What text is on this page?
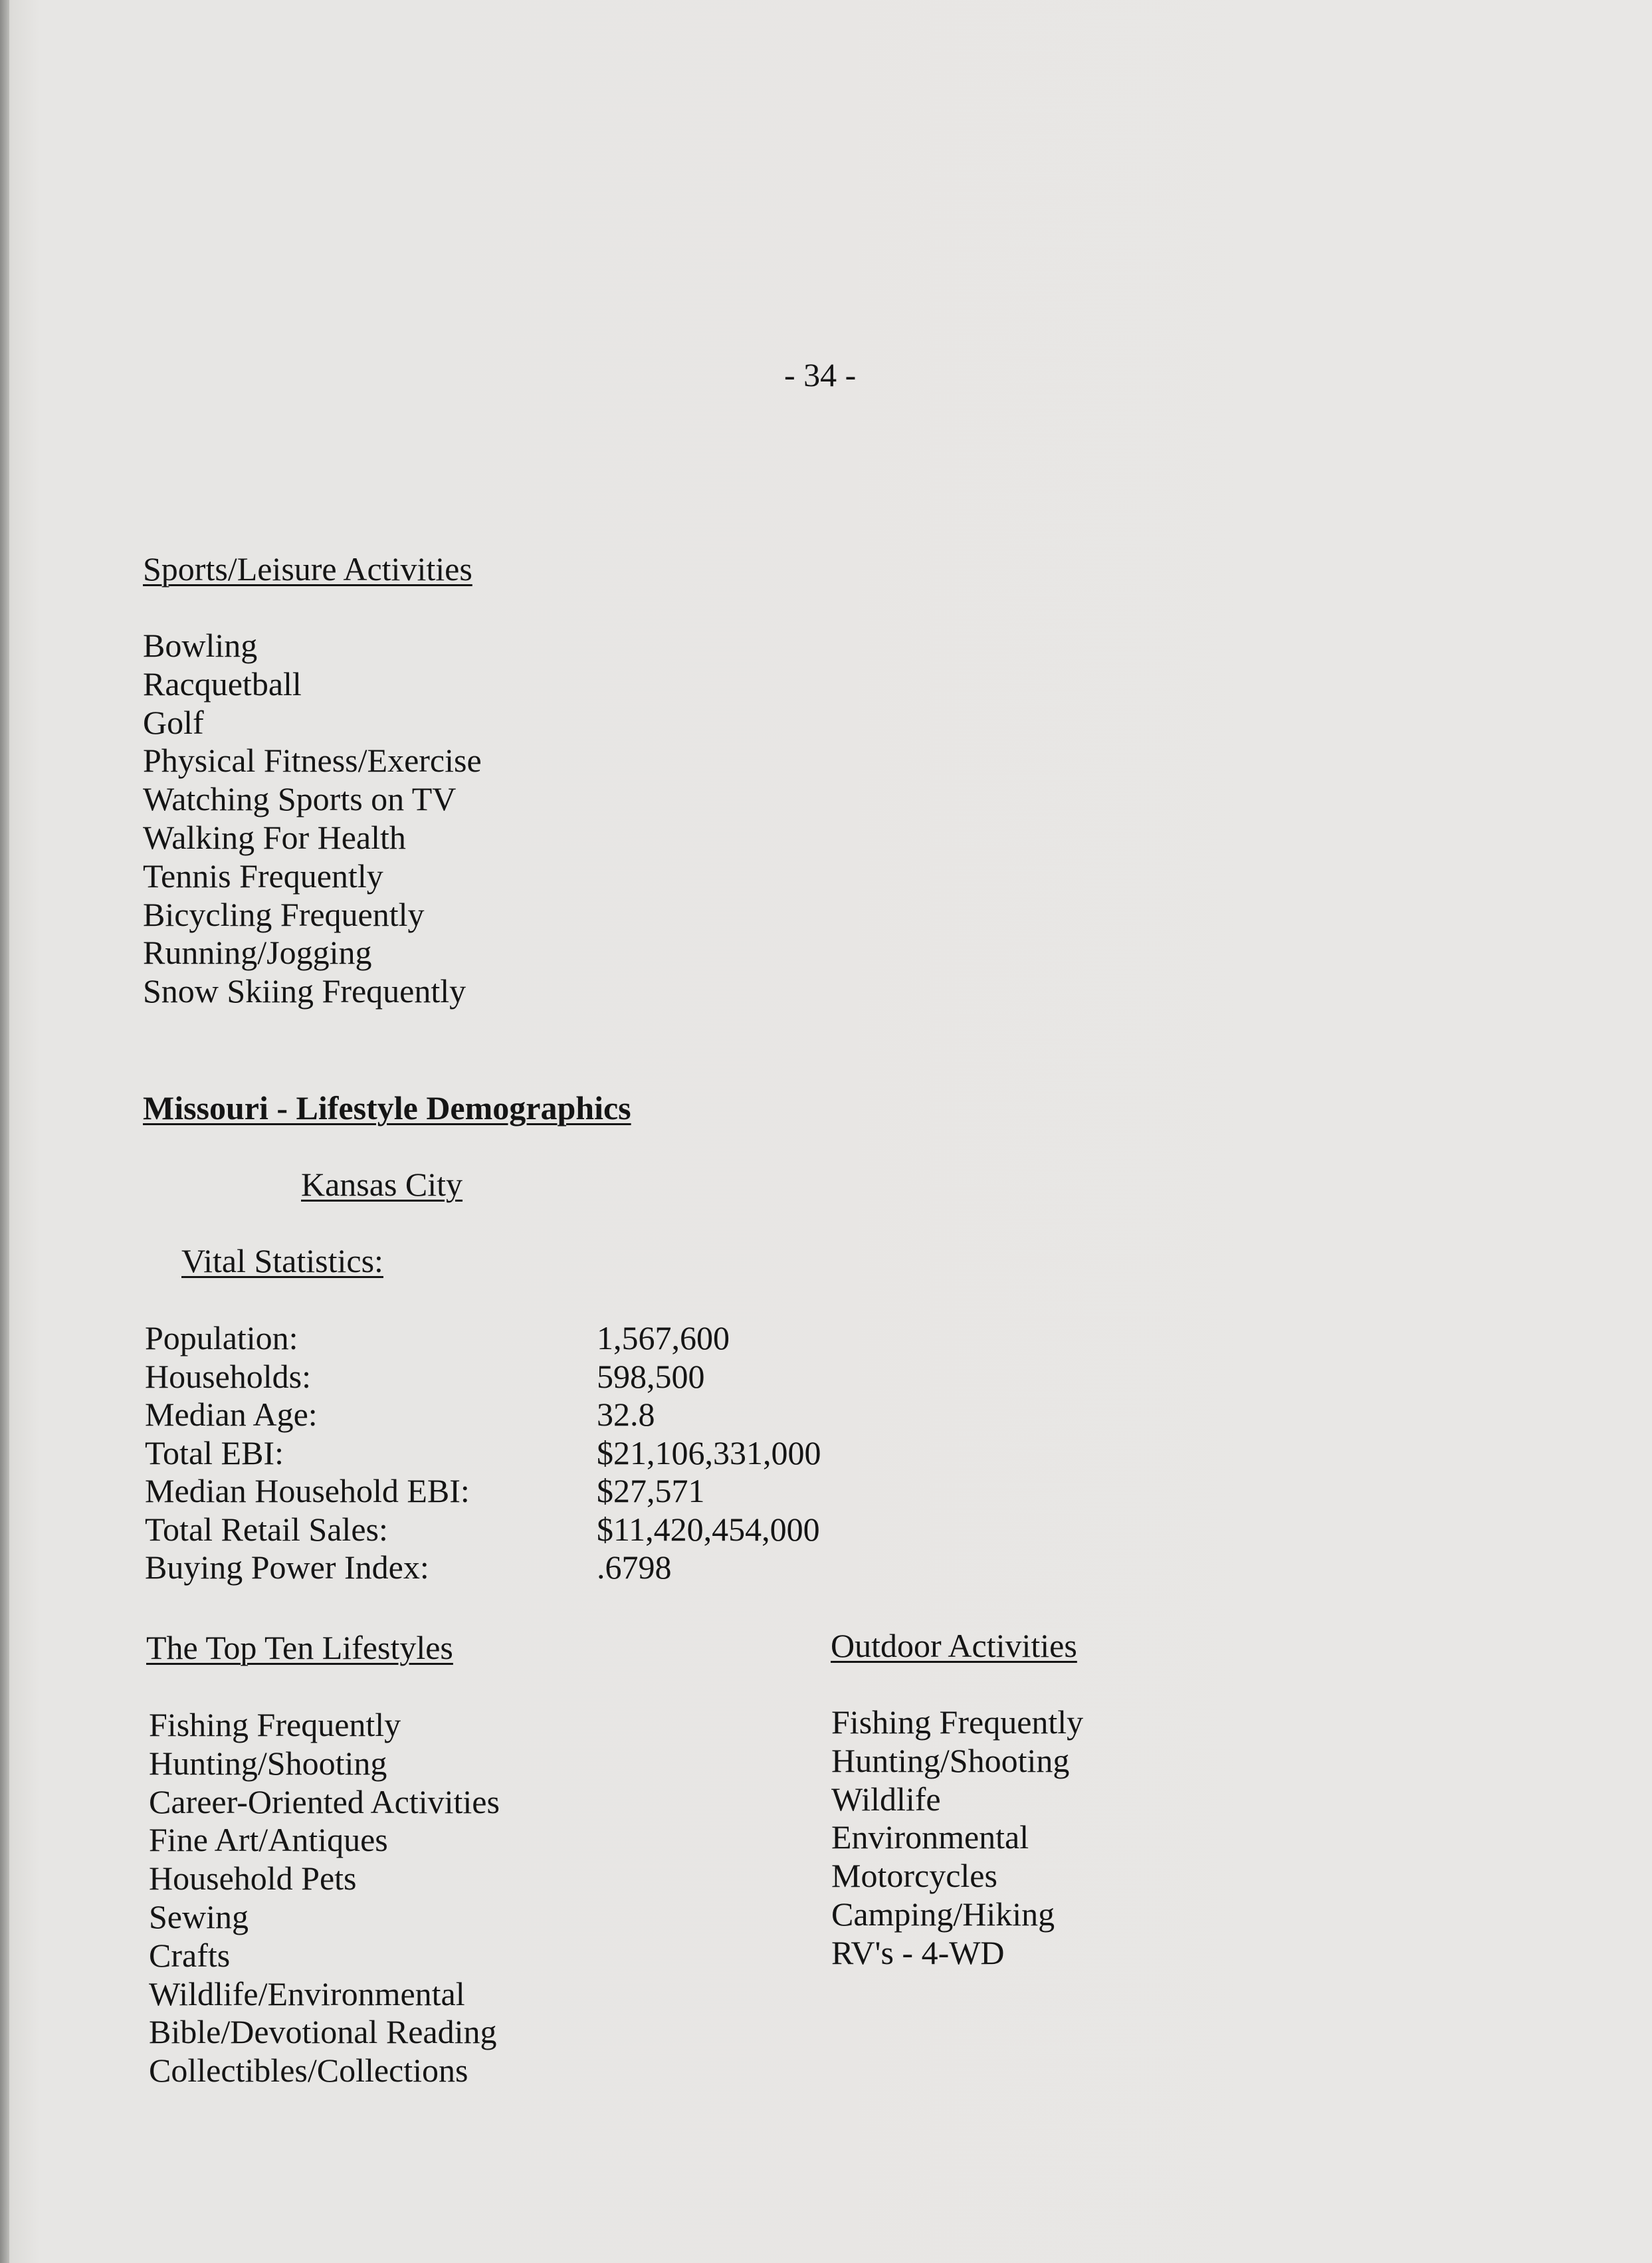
- 34 -
Sports/Leisure Activities
Bowling
Racquetball
Golf
Physical Fitness/Exercise
Watching Sports on TV
Walking For Health
Tennis Frequently
Bicycling Frequently
Running/Jogging
Snow Skiing Frequently
Missouri - Lifestyle Demographics
Kansas City
Vital Statistics:
Population:
Households:
Median Age:
Total EBI:
Median Household EBI:
Total Retail Sales:
Buying Power Index:
1,567,600
598,500
32.8
$21,106,331,000
$27,571
$11,420,454,000
.6798
The Top Ten Lifestyles
Fishing Frequently
Hunting/Shooting
Career-Oriented Activities
Fine Art/Antiques
Household Pets
Sewing
Crafts
Wildlife/Environmental
Bible/Devotional Reading
Collectibles/Collections
Outdoor Activities
Fishing Frequently
Hunting/Shooting
Wildlife
Environmental
Motorcycles
Camping/Hiking
RV's - 4-WD
